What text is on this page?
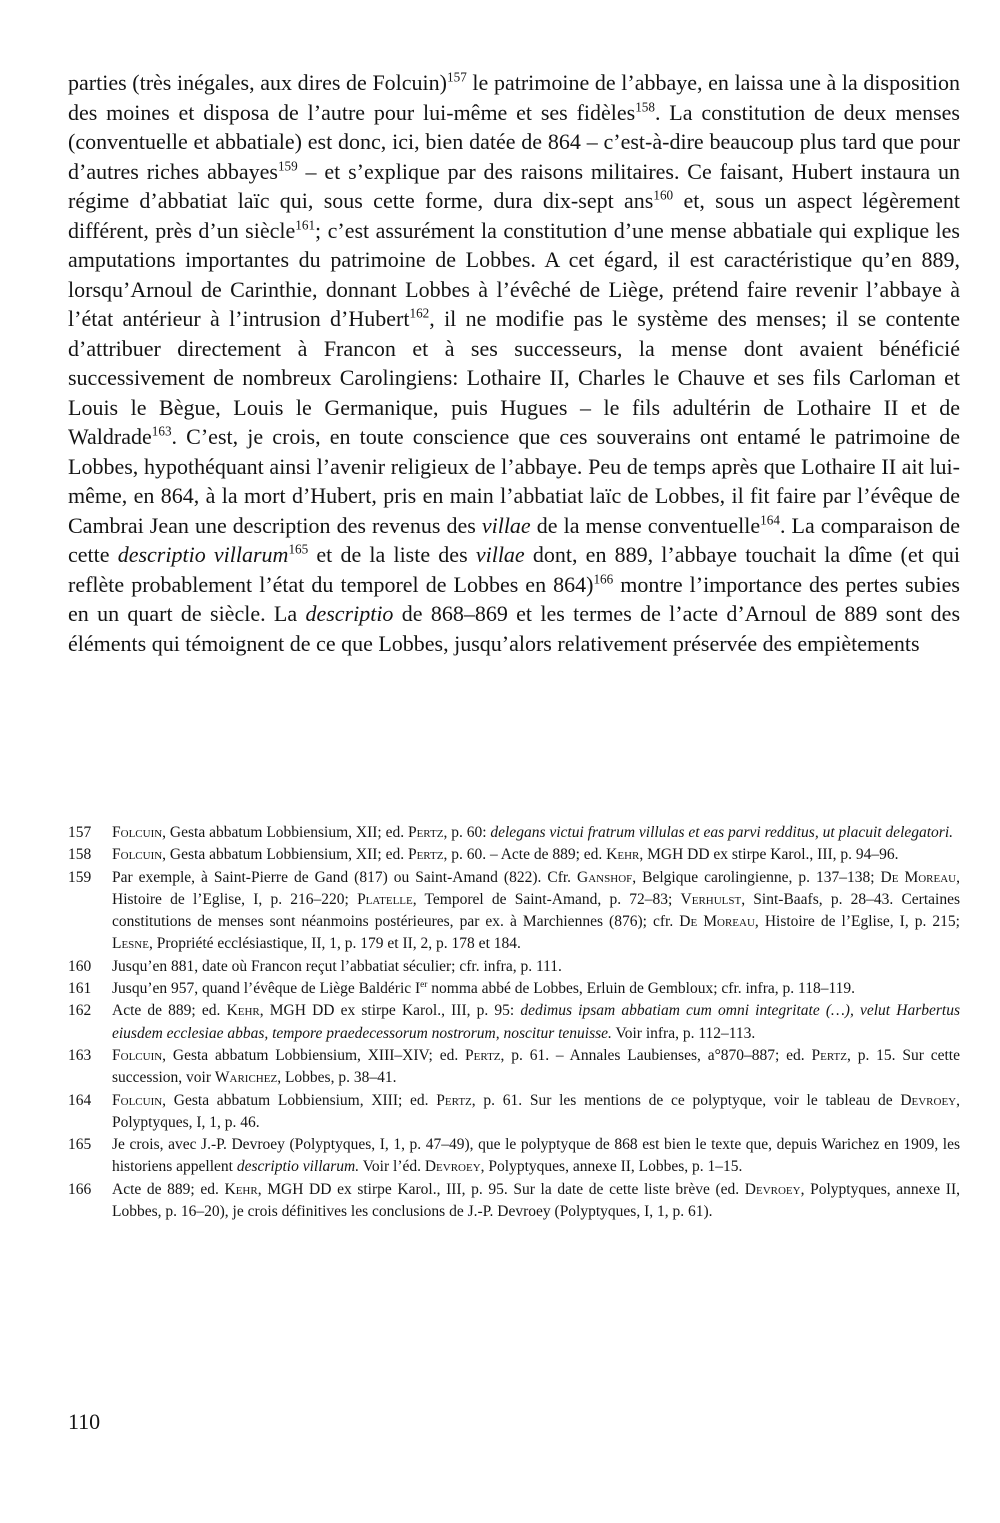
parties (très inégales, aux dires de Folcuin)$^{157}$ le patrimoine de l’abbaye, en laissa une à la disposition des moines et disposa de l’autre pour lui-même et ses fidèles$^{158}$. La constitution de deux menses (conventuelle et abbatiale) est donc, ici, bien datée de 864 – c’est-à-dire beaucoup plus tard que pour d’autres riches abbayes$^{159}$ – et s’explique par des raisons militaires. Ce faisant, Hubert instaura un régime d’abbatiat laïc qui, sous cette forme, dura dix-sept ans$^{160}$ et, sous un aspect légèrement différent, près d’un siècle$^{161}$; c’est assurément la constitution d’une mense abbatiale qui explique les amputations importantes du patrimoine de Lobbes. A cet égard, il est caractéristique qu’en 889, lorsqu’Arnoul de Carinthie, donnant Lobbes à l’évêché de Liège, prétend faire revenir l’abbaye à l’état antérieur à l’intrusion d’Hubert$^{162}$, il ne modifie pas le système des menses; il se contente d’attribuer directement à Francon et à ses successeurs, la mense dont avaient bénéficié successivement de nombreux Carolingiens: Lothaire II, Charles le Chauve et ses fils Carloman et Louis le Bègue, Louis le Germanique, puis Hugues – le fils adultérin de Lothaire II et de Waldrade$^{163}$. C’est, je crois, en toute conscience que ces souverains ont entamé le patrimoine de Lobbes, hypothéquant ainsi l’avenir religieux de l’abbaye. Peu de temps après que Lothaire II ait lui-même, en 864, à la mort d’Hubert, pris en main l’abbatiat laïc de Lobbes, il fit faire par l’évêque de Cambrai Jean une description des revenus des villae de la mense conventuelle$^{164}$. La comparaison de cette descriptio villarum$^{165}$ et de la liste des villae dont, en 889, l’abbaye touchait la dîme (et qui reflète probablement l’état du temporel de Lobbes en 864)$^{166}$ montre l’importance des pertes subies en un quart de siècle. La descriptio de 868–869 et les termes de l’acte d’Arnoul de 889 sont des éléments qui témoignent de ce que Lobbes, jusqu’alors relativement préservée des empiètements

157	Folcuin, Gesta abbatum Lobbiensium, XII; ed. Pertz, p. 60: delegans victui fratrum villulas et eas parvi redditus, ut placuit delegatori.
158	Folcuin, Gesta abbatum Lobbiensium, XII; ed. Pertz, p. 60. – Acte de 889; ed. Kehr, MGH DD ex stirpe Karol., III, p. 94–96.
159	Par exemple, à Saint-Pierre de Gand (817) ou Saint-Amand (822). Cfr. Ganshof, Belgique carolingienne, p. 137–138; De Moreau, Histoire de l’Eglise, I, p. 216–220; Platelle, Temporel de Saint-Amand, p. 72–83; Verhulst, Sint-Baafs, p. 28–43. Certaines constitutions de menses sont néanmoins postérieures, par ex. à Marchiennes (876); cfr. De Moreau, Histoire de l’Eglise, I, p. 215; Lesne, Propriété ecclésiastique, II, 1, p. 179 et II, 2, p. 178 et 184.
160	Jusqu’en 881, date où Francon reçut l’abbatiat séculier; cfr. infra, p. 111.
161	Jusqu’en 957, quand l’évêque de Liège Baldéric Ier nomma abbé de Lobbes, Erluin de Gembloux; cfr. infra, p. 118–119.
162	Acte de 889; ed. Kehr, MGH DD ex stirpe Karol., III, p. 95: dedimus ipsam abbatiam cum omni integritate (…), velut Harbertus eiusdem ecclesiae abbas, tempore praedecessorum nostrorum, noscitur tenuisse. Voir infra, p. 112–113.
163	Folcuin, Gesta abbatum Lobbiensium, XIII–XIV; ed. Pertz, p. 61. – Annales Laubienses, a°870–887; ed. Pertz, p. 15. Sur cette succession, voir Warichez, Lobbes, p. 38–41.
164	Folcuin, Gesta abbatum Lobbiensium, XIII; ed. Pertz, p. 61. Sur les mentions de ce polyptyque, voir le tableau de Devroey, Polyptyques, I, 1, p. 46.
165	Je crois, avec J.-P. Devroey (Polyptyques, I, 1, p. 47–49), que le polyptyque de 868 est bien le texte que, depuis Warichez en 1909, les historiens appellent descriptio villarum. Voir l’éd. Devroey, Polyptyques, annexe II, Lobbes, p. 1–15.
166	Acte de 889; ed. Kehr, MGH DD ex stirpe Karol., III, p. 95. Sur la date de cette liste brève (ed. Devroey, Polyptyques, annexe II, Lobbes, p. 16–20), je crois définitives les conclusions de J.-P. Devroey (Polyptyques, I, 1, p. 61).
110
